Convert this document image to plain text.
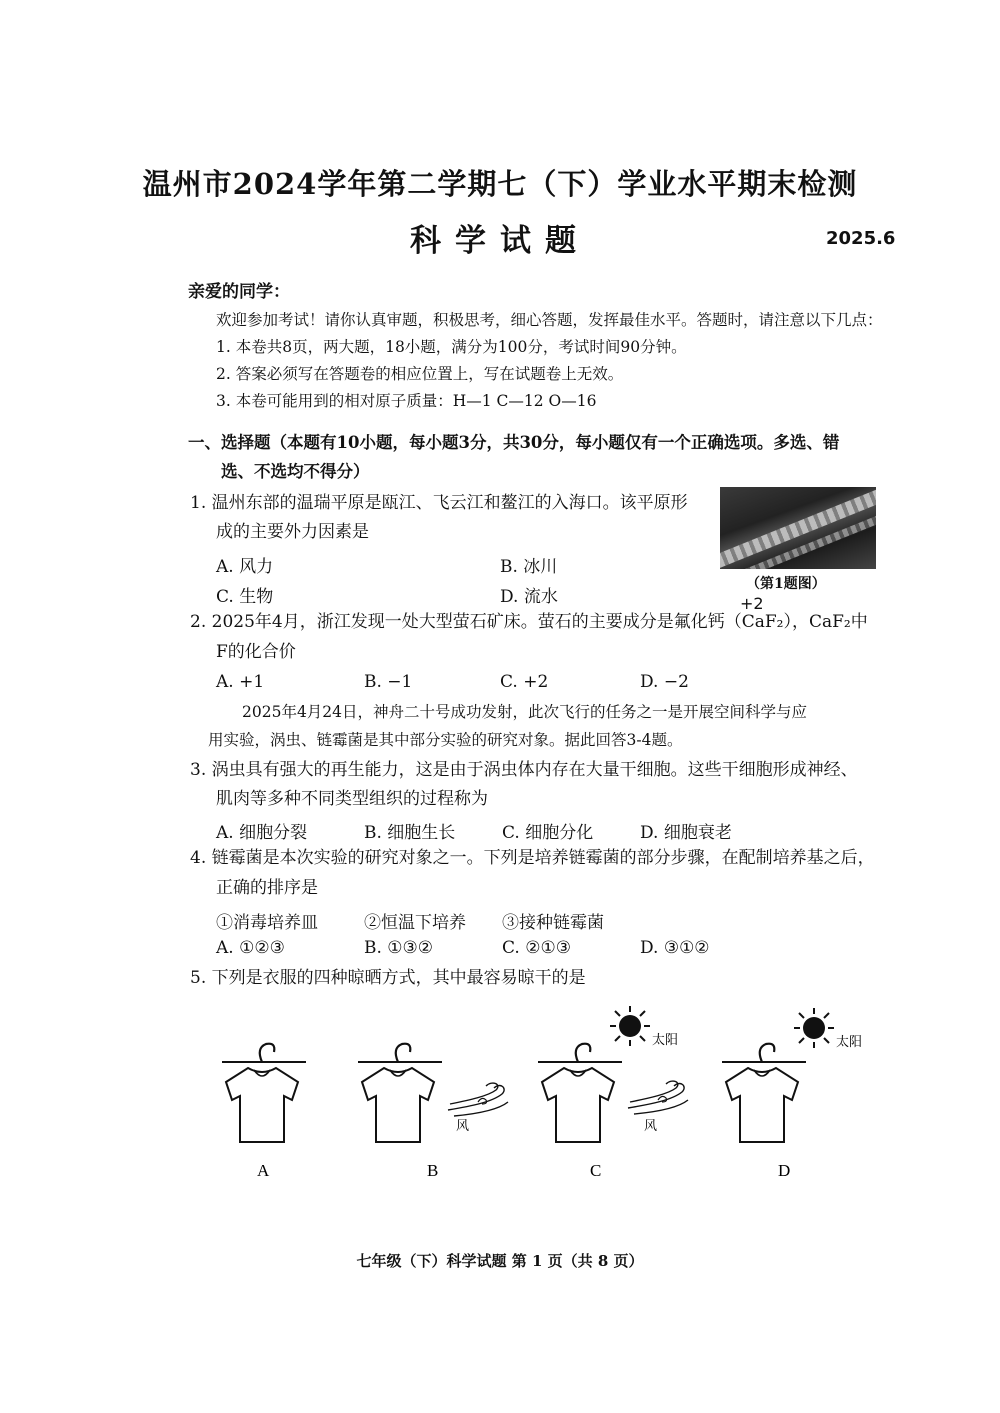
温州市2024学年第二学期七（下）学业水平期末检测
科学试题	2025.6
亲爱的同学：
欢迎参加考试！请你认真审题，积极思考，细心答题，发挥最佳水平。答题时，请注意以下几点：
1. 本卷共8页，两大题，18小题，满分为100分，考试时间90分钟。
2. 答案必须写在答题卷的相应位置上，写在试题卷上无效。
3. 本卷可能用到的相对原子质量：H—1 C—12 O—16
一、选择题（本题有10小题，每小题3分，共30分，每小题仅有一个正确选项。多选、错
选、不选均不得分）
1. 温州东部的温瑞平原是瓯江、飞云江和鳌江的入海口。该平原形
成的主要外力因素是
A. 风力	B. 冰川
C. 生物	D. 流水
（第1题图）
+2
2. 2025年4月，浙江发现一处大型萤石矿床。萤石的主要成分是氟化钙（CaF₂），CaF₂中
F的化合价
A. +1	B. −1	C. +2	D. −2
2025年4月24日，神舟二十号成功发射，此次飞行的任务之一是开展空间科学与应
用实验，涡虫、链霉菌是其中部分实验的研究对象。据此回答3-4题。
3. 涡虫具有强大的再生能力，这是由于涡虫体内存在大量干细胞。这些干细胞形成神经、
肌肉等多种不同类型组织的过程称为
A. 细胞分裂	B. 细胞生长	C. 细胞分化	D. 细胞衰老
4. 链霉菌是本次实验的研究对象之一。下列是培养链霉菌的部分步骤，在配制培养基之后，
正确的排序是
①消毒培养皿	②恒温下培养 ③接种链霉菌
A. ①②③	B. ①③②	C. ②①③	D. ③①②
5. 下列是衣服的四种晾晒方式，其中最容易晾干的是
太阳	太阳
风	风
A	B	C	D
七年级（下）科学试题 第 1 页（共 8 页）
